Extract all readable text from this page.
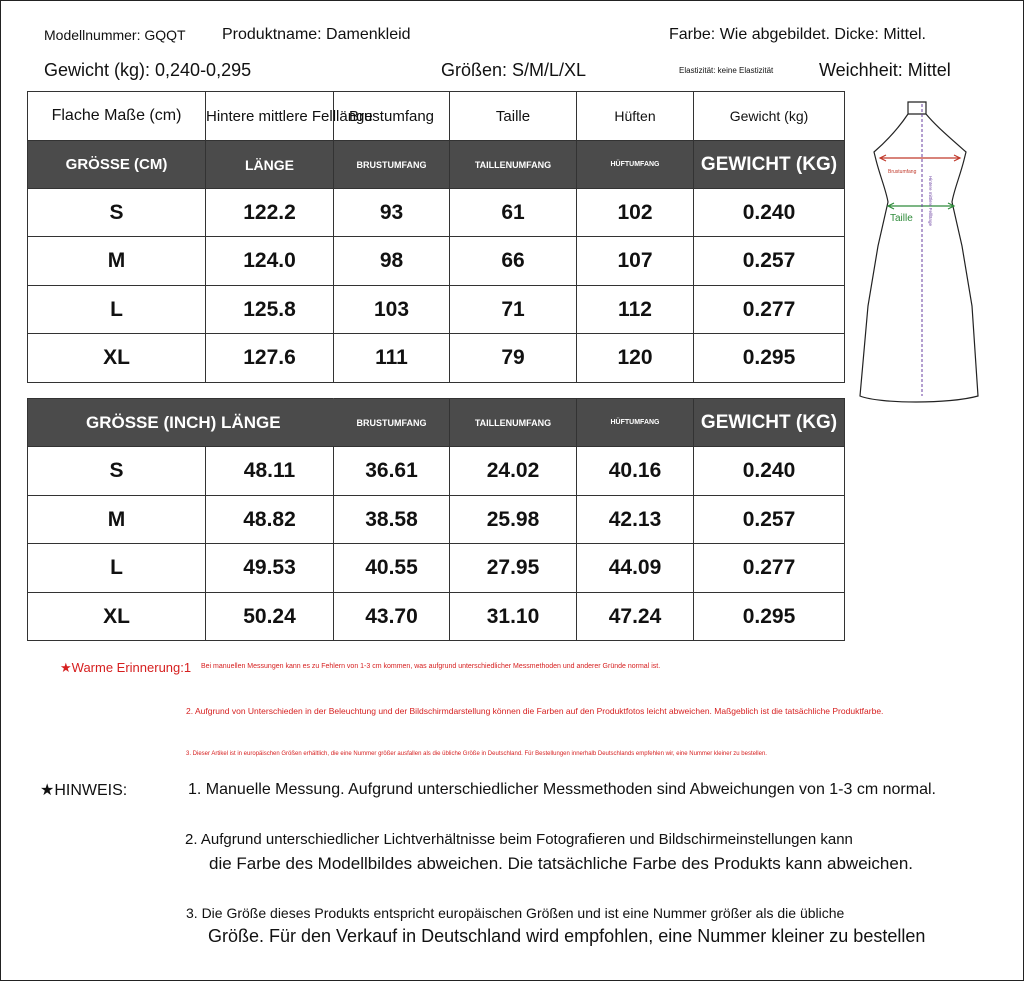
Modellnummer: GQQT Produktname: Damenkleid	Farbe: Wie abgebildet. Dicke: Mittel.
Gewicht (kg): 0,240-0,295	Größen: S/M/L/XL	Elastizität: keine Elastizität	Weichheit: Mittel
Flache Maße (cm)	Hintere mittlere Felllänge	Brustumfang	Taille	Hüften	Gewicht (kg)
GRÖSSE (CM)	LÄNGE	BRUSTUMFANG	TAILLENUMFANG	HÜFTUMFANG	GEWICHT (KG)
S	122.2	93	61	102	0.240
M	124.0	98	66	107	0.257
L	125.8	103	71	112	0.277
XL	127.6	111	79	120	0.295
GRÖSSE (INCH) LÄNGE		BRUSTUMFANG	TAILLENUMFANG	HÜFTUMFANG	GEWICHT (KG)
S	48.11	36.61	24.02	40.16	0.240
M	48.82	38.58	25.98	42.13	0.257
L	49.53	40.55	27.95	44.09	0.277
XL	50.24	43.70	31.10	47.24	0.295
Brustumfang
Taille	Hintere mittlere Felllänge
★Warme Erinnerung:1 Bei manuellen Messungen kann es zu Fehlern von 1-3 cm kommen, was aufgrund unterschiedlicher Messmethoden und anderer Gründe normal ist.
2. Aufgrund von Unterschieden in der Beleuchtung und der Bildschirmdarstellung können die Farben auf den Produktfotos leicht abweichen. Maßgeblich ist die tatsächliche Produktfarbe.
3. Dieser Artikel ist in europäischen Größen erhältlich, die eine Nummer größer ausfallen als die übliche Größe in Deutschland. Für Bestellungen innerhalb Deutschlands empfehlen wir, eine Nummer kleiner zu bestellen.
★HINWEIS:	1. Manuelle Messung. Aufgrund unterschiedlicher Messmethoden sind Abweichungen von 1-3 cm normal.
2. Aufgrund unterschiedlicher Lichtverhältnisse beim Fotografieren und Bildschirmeinstellungen kann
die Farbe des Modellbildes abweichen. Die tatsächliche Farbe des Produkts kann abweichen.
3. Die Größe dieses Produkts entspricht europäischen Größen und ist eine Nummer größer als die übliche
Größe. Für den Verkauf in Deutschland wird empfohlen, eine Nummer kleiner zu bestellen
